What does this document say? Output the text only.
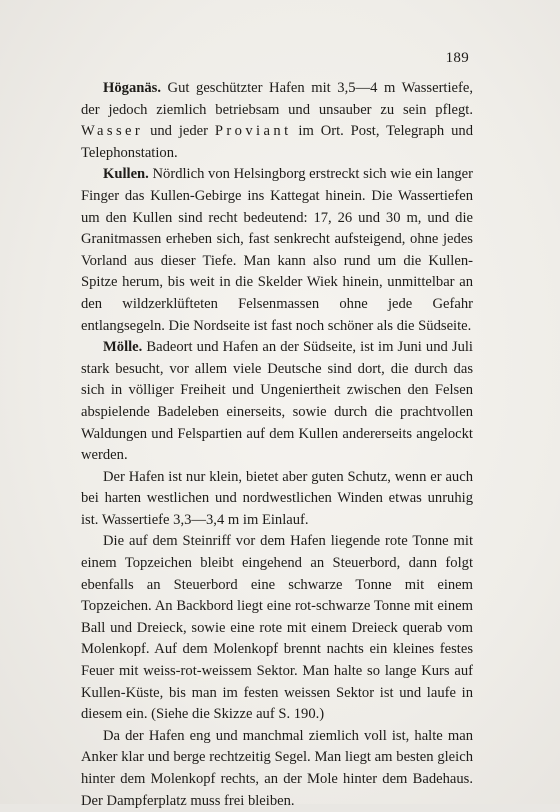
189

Höganäs. Gut geschützter Hafen mit 3,5—4 m Wassertiefe, der jedoch ziemlich betriebsam und unsauber zu sein pflegt. Wasser und jeder Proviant im Ort. Post, Telegraph und Telephonstation.

Kullen. Nördlich von Helsingborg erstreckt sich wie ein langer Finger das Kullen-Gebirge ins Kattegat hinein. Die Wassertiefen um den Kullen sind recht bedeutend: 17, 26 und 30 m, und die Granitmassen erheben sich, fast senkrecht aufsteigend, ohne jedes Vorland aus dieser Tiefe. Man kann also rund um die Kullen-Spitze herum, bis weit in die Skelder Wiek hinein, unmittelbar an den wildzerklüfteten Felsenmassen ohne jede Gefahr entlangsegeln. Die Nordseite ist fast noch schöner als die Südseite.

Mölle. Badeort und Hafen an der Südseite, ist im Juni und Juli stark besucht, vor allem viele Deutsche sind dort, die durch das sich in völliger Freiheit und Ungeniertheit zwischen den Felsen abspielende Badeleben einerseits, sowie durch die prachtvollen Waldungen und Felspartien auf dem Kullen andererseits angelockt werden.

Der Hafen ist nur klein, bietet aber guten Schutz, wenn er auch bei harten westlichen und nordwestlichen Winden etwas unruhig ist. Wassertiefe 3,3—3,4 m im Einlauf.

Die auf dem Steinriff vor dem Hafen liegende rote Tonne mit einem Topzeichen bleibt eingehend an Steuerbord, dann folgt ebenfalls an Steuerbord eine schwarze Tonne mit einem Topzeichen. An Backbord liegt eine rot-schwarze Tonne mit einem Ball und Dreieck, sowie eine rote mit einem Dreieck querab vom Molenkopf. Auf dem Molenkopf brennt nachts ein kleines festes Feuer mit weiss-rot-weissem Sektor. Man halte so lange Kurs auf Kullen-Küste, bis man im festen weissen Sektor ist und laufe in diesem ein. (Siehe die Skizze auf S. 190.)

Da der Hafen eng und manchmal ziemlich voll ist, halte man Anker klar und berge rechtzeitig Segel. Man liegt am besten gleich hinter dem Molenkopf rechts, an der Mole hinter dem Badehaus. Der Dampferplatz muss frei bleiben.
